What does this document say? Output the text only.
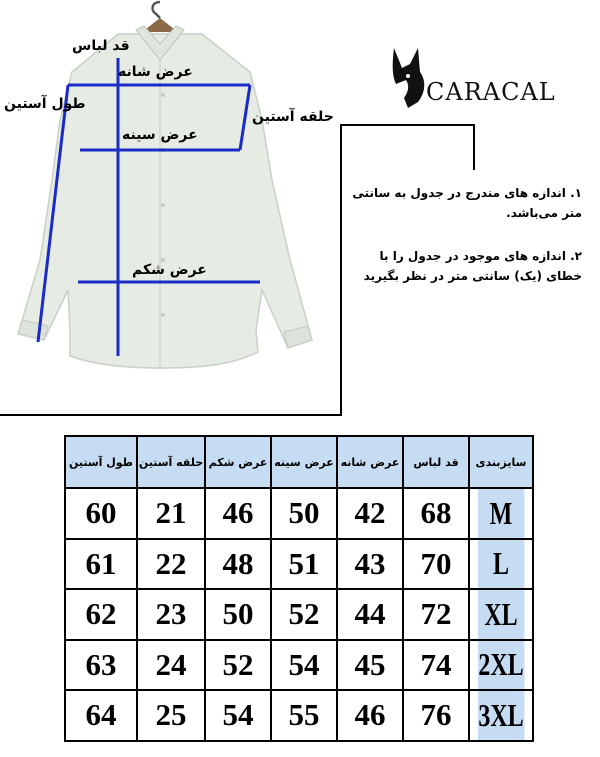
قد لباس
عرض شانه
طول آستین
حلقه آستین
عرض سینه
عرض شکم
CARACAL
۱. اندازه های مندرج در جدول به سانتی متر می‌باشد.
۲. اندازه های موجود در جدول را با خطای (یک) سانتی متر در نظر بگیرید
سایزبندی	قد لباس	عرض شانه	عرض سینه	عرض شکم	حلقه آستین	طول آستین
M	68	42	50	46	21	60
L	70	43	51	48	22	61
XL	72	44	52	50	23	62
2XL	74	45	54	52	24	63
3XL	76	46	55	54	25	64
